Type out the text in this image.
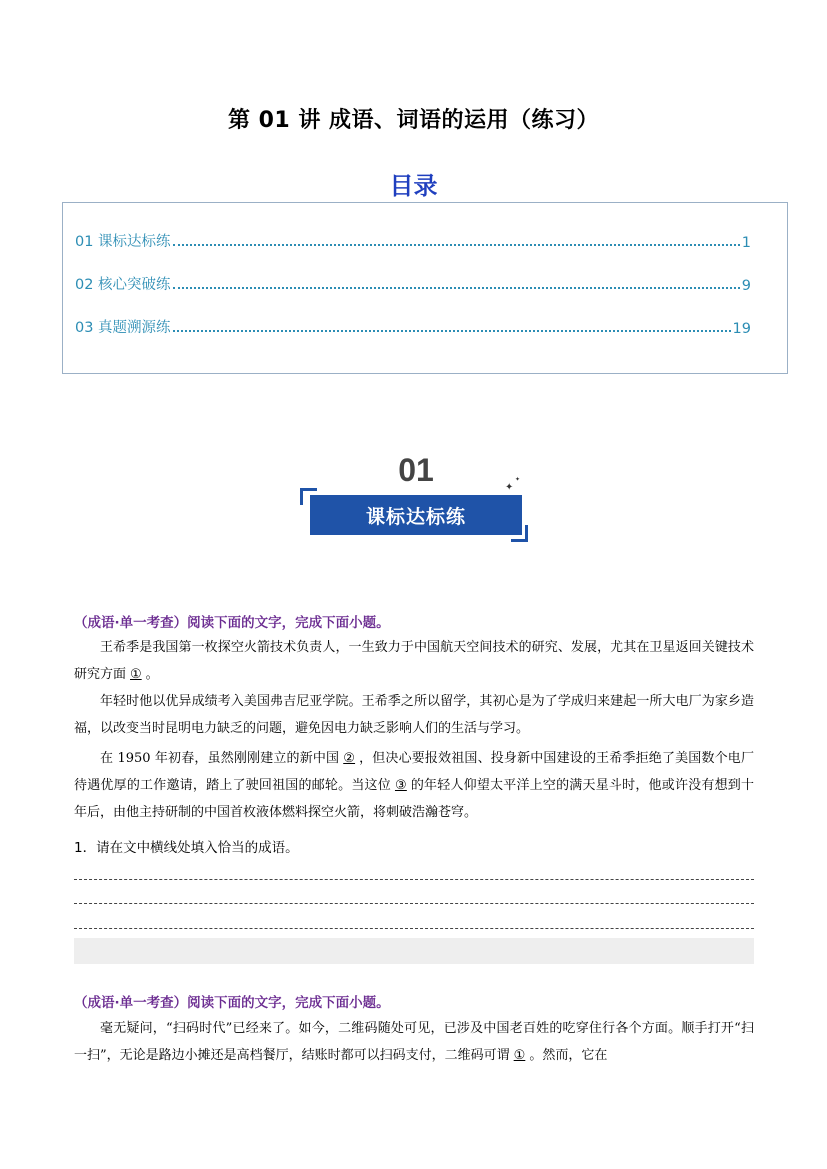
第 01 讲 成语、词语的运用（练习）
目录
01 课标达标练	1
02 核心突破练	9
03 真题溯源练	19
01	✦
✦
课标达标练
（成语·单一考查）阅读下面的文字，完成下面小题。
王希季是我国第一枚探空火箭技术负责人，一生致力于中国航天空间技术的研究、发展，尤其在卫星返回关键技术研究方面 ① 。
年轻时他以优异成绩考入美国弗吉尼亚学院。王希季之所以留学，其初心是为了学成归来建起一所大电厂为家乡造福，以改变当时昆明电力缺乏的问题，避免因电力缺乏影响人们的生活与学习。
在 1950 年初春，虽然刚刚建立的新中国 ② ，但决心要报效祖国、投身新中国建设的王希季拒绝了美国数个电厂待遇优厚的工作邀请，踏上了驶回祖国的邮轮。当这位 ③ 的年轻人仰望太平洋上空的满天星斗时，他或许没有想到十年后，由他主持研制的中国首枚液体燃料探空火箭，将刺破浩瀚苍穹。
1．请在文中横线处填入恰当的成语。
（成语·单一考查）阅读下面的文字，完成下面小题。
毫无疑问，“扫码时代”已经来了。如今，二维码随处可见，已涉及中国老百姓的吃穿住行各个方面。顺手打开“扫一扫”，无论是路边小摊还是高档餐厅，结账时都可以扫码支付，二维码可谓 ① 。然而，它在
